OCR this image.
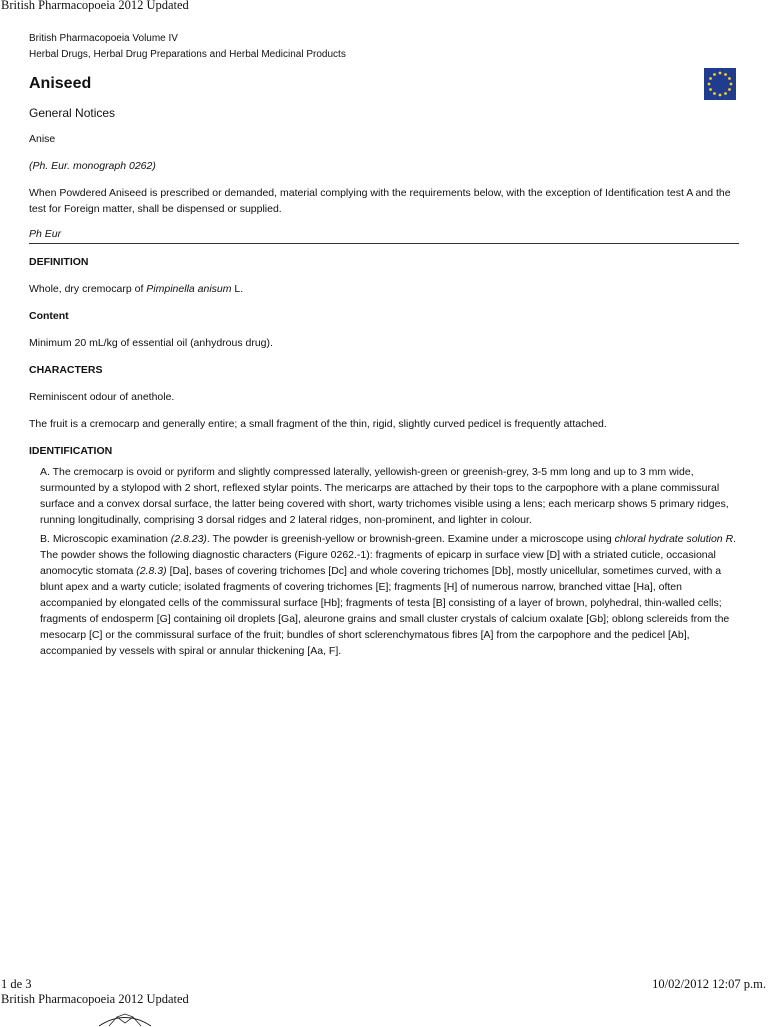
British Pharmacopoeia 2012 Updated
British Pharmacopoeia Volume IV
Herbal Drugs, Herbal Drug Preparations and Herbal Medicinal Products
Aniseed

General Notices

Anise

(Ph. Eur. monograph 0262)

When Powdered Aniseed is prescribed or demanded, material complying with the requirements below, with the exception of Identification test A and the test for Foreign matter, shall be dispensed or supplied.

Ph Eur

DEFINITION

Whole, dry cremocarp of Pimpinella anisum L.

Content

Minimum 20 mL/kg of essential oil (anhydrous drug).

CHARACTERS

Reminiscent odour of anethole.

The fruit is a cremocarp and generally entire; a small fragment of the thin, rigid, slightly curved pedicel is frequently attached.

IDENTIFICATION

A. The cremocarp is ovoid or pyriform and slightly compressed laterally, yellowish-green or greenish-grey, 3-5 mm long and up to 3 mm wide, surmounted by a stylopod with 2 short, reflexed stylar points. The mericarps are attached by their tops to the carpophore with a plane commissural surface and a convex dorsal surface, the latter being covered with short, warty trichomes visible using a lens; each mericarp shows 5 primary ridges, running longitudinally, comprising 3 dorsal ridges and 2 lateral ridges, non-prominent, and lighter in colour.

B. Microscopic examination (2.8.23). The powder is greenish-yellow or brownish-green. Examine under a microscope using chloral hydrate solution R. The powder shows the following diagnostic characters (Figure 0262.-1): fragments of epicarp in surface view [D] with a striated cuticle, occasional anomocytic stomata (2.8.3) [Da], bases of covering trichomes [Dc] and whole covering trichomes [Db], mostly unicellular, sometimes curved, with a blunt apex and a warty cuticle; isolated fragments of covering trichomes [E]; fragments [H] of numerous narrow, branched vittae [Ha], often accompanied by elongated cells of the commissural surface [Hb]; fragments of testa [B] consisting of a layer of brown, polyhedral, thin-walled cells; fragments of endosperm [G] containing oil droplets [Ga], aleurone grains and small cluster crystals of calcium oxalate [Gb]; oblong sclereids from the mesocarp [C] or the commissural surface of the fruit; bundles of short sclerenchymatous fibres [A] from the carpophore and the pedicel [Ab], accompanied by vessels with spiral or annular thickening [Aa, F].

1 de 3
British Pharmacopoeia 2012 Updated
10/02/2012 12:07 p.m.
